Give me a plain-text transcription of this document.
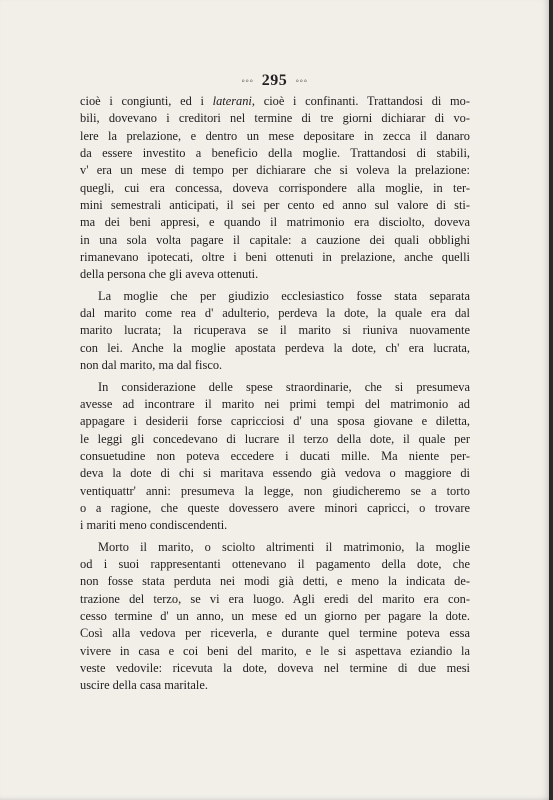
◦◦◦ 295 ◦◦◦
cioè i congiunti, ed i laterani, cioè i confinanti. Trattandosi di mo-
bili, dovevano i creditori nel termine di tre giorni dichiarar di vo-
lere la prelazione, e dentro un mese depositare in zecca il danaro
da essere investito a beneficio della moglie. Trattandosi di stabili,
v' era un mese di tempo per dichiarare che si voleva la prelazione:
quegli, cui era concessa, doveva corrispondere alla moglie, in ter-
mini semestrali anticipati, il sei per cento ed anno sul valore di sti-
ma dei beni appresi, e quando il matrimonio era disciolto, doveva
in una sola volta pagare il capitale: a cauzione dei quali obblighi
rimanevano ipotecati, oltre i beni ottenuti in prelazione, anche quelli
della persona che gli aveva ottenuti.
La moglie che per giudizio ecclesiastico fosse stata separata
dal marito come rea d' adulterio, perdeva la dote, la quale era dal
marito lucrata; la ricuperava se il marito si riuniva nuovamente
con lei. Anche la moglie apostata perdeva la dote, ch' era lucrata,
non dal marito, ma dal fisco.
In considerazione delle spese straordinarie, che si presumeva
avesse ad incontrare il marito nei primi tempi del matrimonio ad
appagare i desiderii forse capricciosi d' una sposa giovane e diletta,
le leggi gli concedevano di lucrare il terzo della dote, il quale per
consuetudine non poteva eccedere i ducati mille. Ma niente per-
deva la dote di chi si maritava essendo già vedova o maggiore di
ventiquattr' anni: presumeva la legge, non giudicheremo se a torto
o a ragione, che queste dovessero avere minori capricci, o trovare
i mariti meno condiscendenti.
Morto il marito, o sciolto altrimenti il matrimonio, la moglie
od i suoi rappresentanti ottenevano il pagamento della dote, che
non fosse stata perduta nei modi già detti, e meno la indicata de-
trazione del terzo, se vi era luogo. Agli eredi del marito era con-
cesso termine d' un anno, un mese ed un giorno per pagare la dote.
Così alla vedova per riceverla, e durante quel termine poteva essa
vivere in casa e coi beni del marito, e le si aspettava eziandio la
veste vedovile: ricevuta la dote, doveva nel termine di due mesi
uscire della casa maritale.
